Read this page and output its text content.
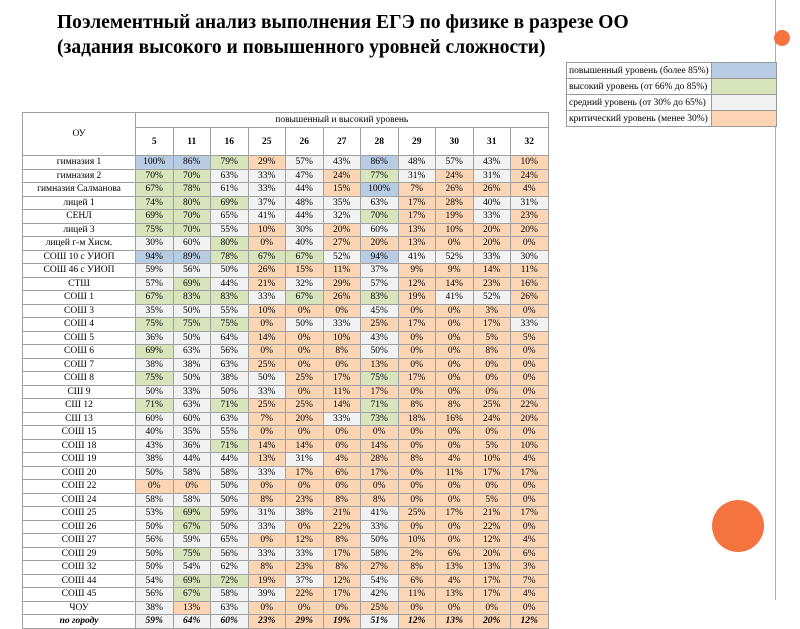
Поэлементный анализ выполнения ЕГЭ по физике в разрезе ОО (задания высокого и повышенного уровней сложности)
повышенный уровень (более 85%)	
высокий уровень (от 66% до 85%)	
средний уровень (от 30% до 65%)	
критический уровень (менее 30%)	
ОУ	повышенный и высокий уровень										
	5	11	16	25	26	27	28	29	30	31	32
гимназия 1	100%	86%	79%	29%	57%	43%	86%	48%	57%	43%	10%
гимназия 2	70%	70%	63%	33%	47%	24%	77%	31%	24%	31%	24%
гимназия Салманова	67%	78%	61%	33%	44%	15%	100%	7%	26%	26%	4%
лицей 1	74%	80%	69%	37%	48%	35%	63%	17%	28%	40%	31%
СЕНЛ	69%	70%	65%	41%	44%	32%	70%	17%	19%	33%	23%
лицей 3	75%	70%	55%	10%	30%	20%	60%	13%	10%	20%	20%
лицей г-м Хисм.	30%	60%	80%	0%	40%	27%	20%	13%	0%	20%	0%
СОШ 10 с УИОП	94%	89%	78%	67%	67%	52%	94%	41%	52%	33%	30%
СОШ 46 с УИОП	59%	56%	50%	26%	15%	11%	37%	9%	9%	14%	11%
СТШ	57%	69%	44%	21%	32%	29%	57%	12%	14%	23%	16%
СОШ 1	67%	83%	83%	33%	67%	26%	83%	19%	41%	52%	26%
СОШ 3	35%	50%	55%	10%	0%	0%	45%	0%	0%	3%	0%
СОШ 4	75%	75%	75%	0%	50%	33%	25%	17%	0%	17%	33%
СОШ 5	36%	50%	64%	14%	0%	10%	43%	0%	0%	5%	5%
СОШ 6	69%	63%	56%	0%	0%	8%	50%	0%	0%	8%	0%
СОШ 7	38%	38%	63%	25%	0%	0%	13%	0%	0%	0%	0%
СОШ 8	75%	50%	38%	50%	25%	17%	75%	17%	0%	0%	0%
СШ 9	50%	33%	50%	33%	0%	11%	17%	0%	0%	0%	0%
СШ 12	71%	63%	71%	25%	25%	14%	71%	8%	8%	25%	22%
СШ 13	60%	60%	63%	7%	20%	33%	73%	18%	16%	24%	20%
СОШ 15	40%	35%	55%	0%	0%	0%	0%	0%	0%	0%	0%
СОШ 18	43%	36%	71%	14%	14%	0%	14%	0%	0%	5%	10%
СОШ 19	38%	44%	44%	13%	31%	4%	28%	8%	4%	10%	4%
СОШ 20	50%	58%	58%	33%	17%	6%	17%	0%	11%	17%	17%
СОШ 22	0%	0%	50%	0%	0%	0%	0%	0%	0%	0%	0%
СОШ 24	58%	58%	50%	8%	23%	8%	8%	0%	0%	5%	0%
СОШ 25	53%	69%	59%	31%	38%	21%	41%	25%	17%	21%	17%
СОШ 26	50%	67%	50%	33%	0%	22%	33%	0%	0%	22%	0%
СОШ 27	56%	59%	65%	0%	12%	8%	50%	10%	0%	12%	4%
СОШ 29	50%	75%	56%	33%	33%	17%	58%	2%	6%	20%	6%
СОШ 32	50%	54%	62%	8%	23%	8%	27%	8%	13%	13%	3%
СОШ 44	54%	69%	72%	19%	37%	12%	54%	6%	4%	17%	7%
СОШ 45	56%	67%	58%	39%	22%	17%	42%	11%	13%	17%	4%
ЧОУ	38%	13%	63%	0%	0%	0%	25%	0%	0%	0%	0%
по городу	59%	64%	60%	23%	29%	19%	51%	12%	13%	20%	12%
